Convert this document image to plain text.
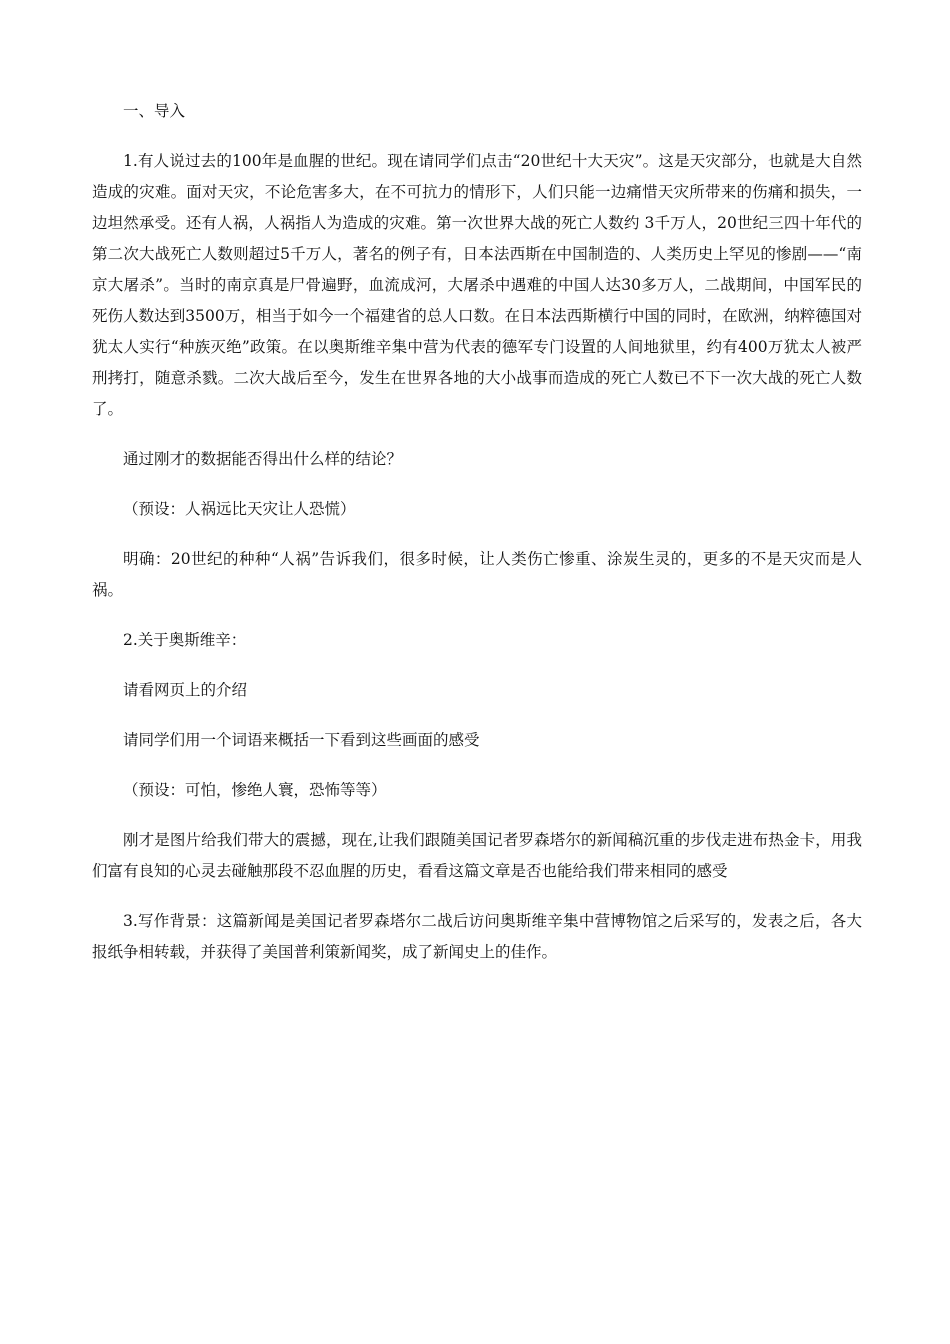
一、导入

1.有人说过去的100年是血腥的世纪。现在请同学们点击“20世纪十大天灾”。这是天灾部分，也就是大自然造成的灾难。面对天灾，不论危害多大，在不可抗力的情形下，人们只能一边痛惜天灾所带来的伤痛和损失，一边坦然承受。还有人祸，人祸指人为造成的灾难。第一次世界大战的死亡人数约 3千万人，20世纪三四十年代的第二次大战死亡人数则超过5千万人，著名的例子有，日本法西斯在中国制造的、人类历史上罕见的惨剧——“南京大屠杀”。当时的南京真是尸骨遍野，血流成河，大屠杀中遇难的中国人达30多万人，二战期间，中国军民的死伤人数达到3500万，相当于如今一个福建省的总人口数。在日本法西斯横行中国的同时，在欧洲，纳粹德国对犹太人实行“种族灭绝”政策。在以奥斯维辛集中营为代表的德军专门设置的人间地狱里，约有400万犹太人被严刑拷打，随意杀戮。二次大战后至今，发生在世界各地的大小战事而造成的死亡人数已不下一次大战的死亡人数了。

通过刚才的数据能否得出什么样的结论？

（预设：人祸远比天灾让人恐慌）

明确：20世纪的种种“人祸”告诉我们，很多时候，让人类伤亡惨重、涂炭生灵的，更多的不是天灾而是人祸。

2.关于奥斯维辛：

请看网页上的介绍

请同学们用一个词语来概括一下看到这些画面的感受

（预设：可怕，惨绝人寰，恐怖等等）

刚才是图片给我们带大的震撼，现在,让我们跟随美国记者罗森塔尔的新闻稿沉重的步伐走进布热金卡，用我们富有良知的心灵去碰触那段不忍血腥的历史，看看这篇文章是否也能给我们带来相同的感受

3.写作背景：这篇新闻是美国记者罗森塔尔二战后访问奥斯维辛集中营博物馆之后采写的，发表之后，各大报纸争相转载，并获得了美国普利策新闻奖，成了新闻史上的佳作。
